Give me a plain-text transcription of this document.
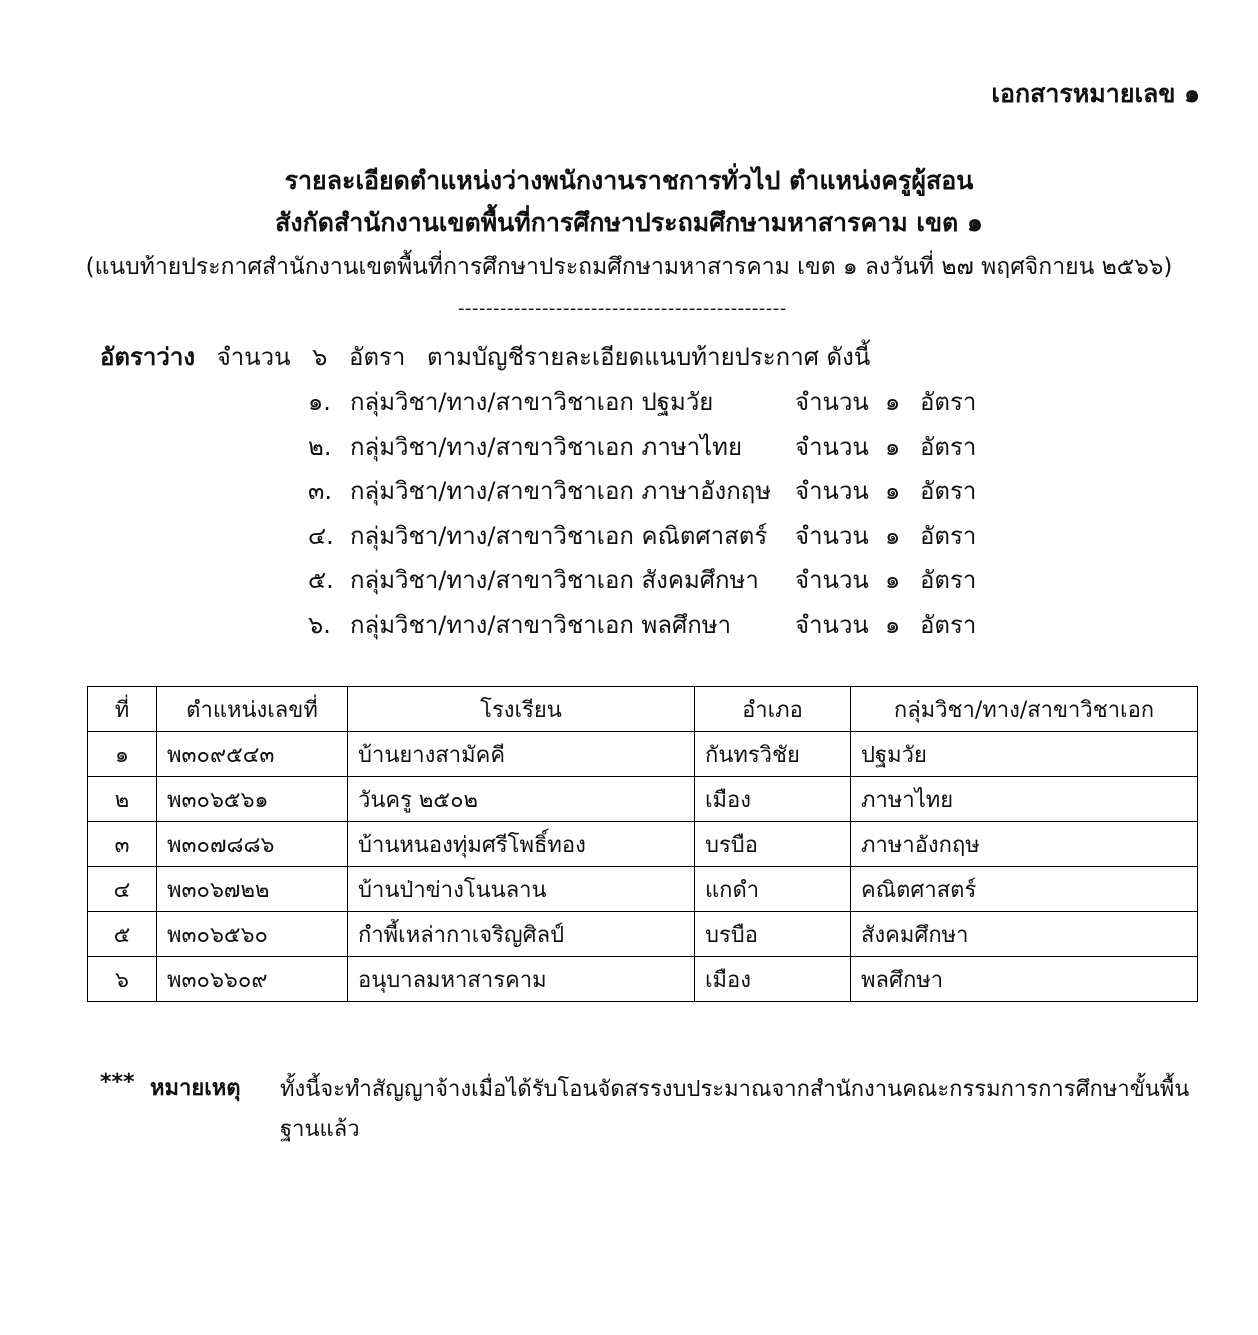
เอกสารหมายเลข ๑
รายละเอียดตำแหน่งว่างพนักงานราชการทั่วไป ตำแหน่งครูผู้สอน
สังกัดสำนักงานเขตพื้นที่การศึกษาประถมศึกษามหาสารคาม เขต ๑
(แนบท้ายประกาศสำนักงานเขตพื้นที่การศึกษาประถมศึกษามหาสารคาม เขต ๑ ลงวันที่ ๒๗ พฤศจิกายน ๒๕๖๖)
-----------------------------------------------
อัตราว่าง จำนวน ๖ อัตรา ตามบัญชีรายละเอียดแนบท้ายประกาศ ดังนี้
๑. กลุ่มวิชา/ทาง/สาขาวิชาเอก ปฐมวัย	จำนวน ๑ อัตรา
๒. กลุ่มวิชา/ทาง/สาขาวิชาเอก ภาษาไทย จำนวน ๑ อัตรา
๓. กลุ่มวิชา/ทาง/สาขาวิชาเอก ภาษาอังกฤษ จำนวน ๑ อัตรา
๔. กลุ่มวิชา/ทาง/สาขาวิชาเอก คณิตศาสตร์ จำนวน ๑ อัตรา
๕. กลุ่มวิชา/ทาง/สาขาวิชาเอก สังคมศึกษา จำนวน ๑ อัตรา
๖. กลุ่มวิชา/ทาง/สาขาวิชาเอก พลศึกษา	จำนวน ๑ อัตรา
ที่	ตำแหน่งเลขที่	โรงเรียน	อำเภอ	กลุ่มวิชา/ทาง/สาขาวิชาเอก
๑	พ๓๐๙๕๔๓	บ้านยางสามัคคี	กันทรวิชัย	ปฐมวัย
๒	พ๓๐๖๕๖๑	วันครู ๒๕๐๒	เมือง	ภาษาไทย
๓	พ๓๐๗๘๘๖	บ้านหนองทุ่มศรีโพธิ์ทอง	บรบือ	ภาษาอังกฤษ
๔	พ๓๐๖๗๒๒	บ้านป่าข่างโนนลาน	แกดำ	คณิตศาสตร์
๕	พ๓๐๖๕๖๐	กำพี้เหล่ากาเจริญศิลป์	บรบือ	สังคมศึกษา
๖	พ๓๐๖๖๐๙	อนุบาลมหาสารคาม	เมือง	พลศึกษา
*** หมายเหตุ ทั้งนี้จะทำสัญญาจ้างเมื่อได้รับโอนจัดสรรงบประมาณจากสำนักงานคณะกรรมการการศึกษาขั้นพื้นฐานแล้ว
